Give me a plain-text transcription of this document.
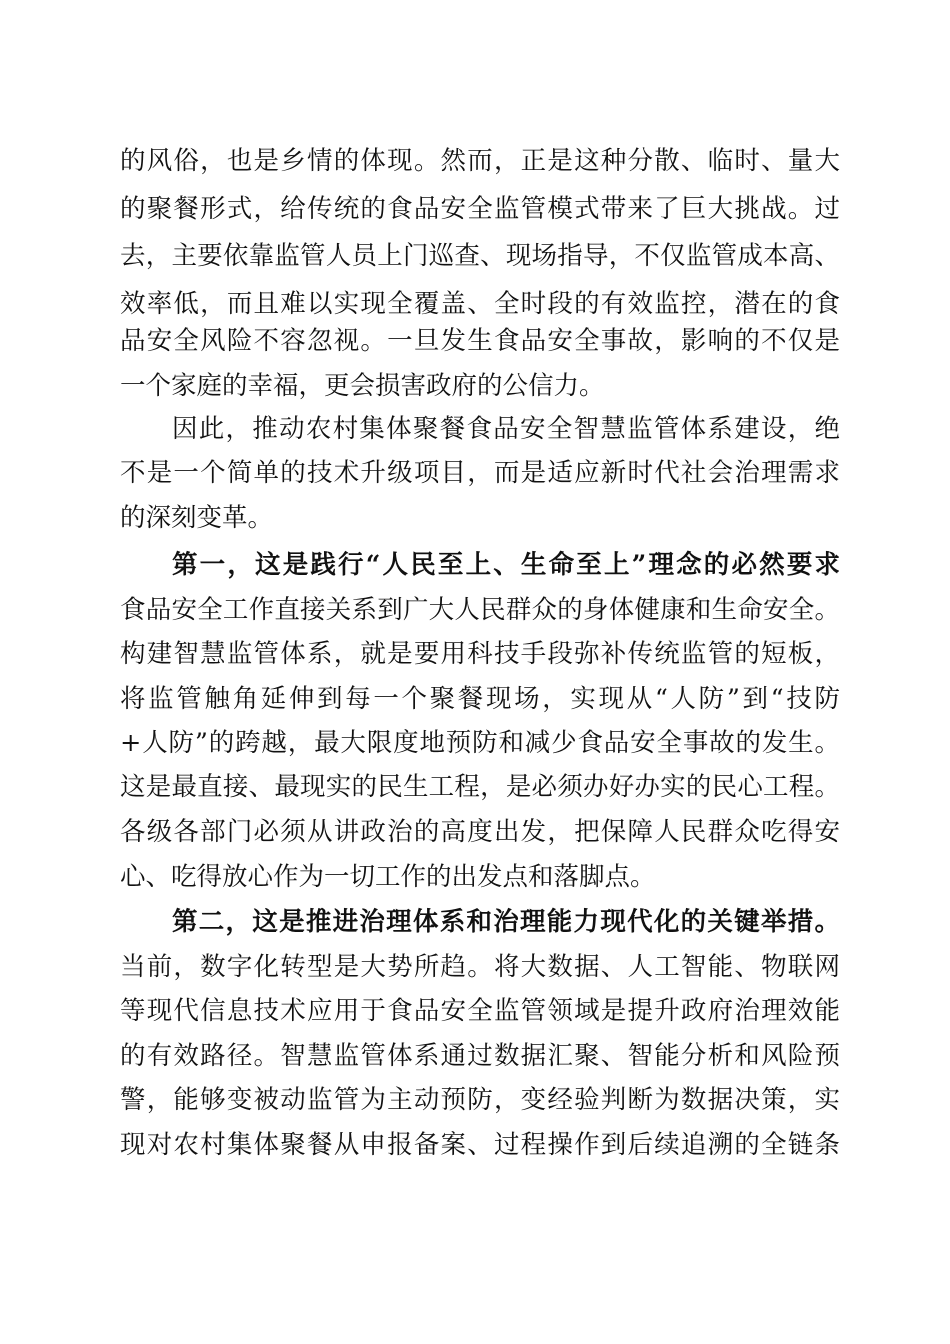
的风俗，也是乡情的体现。然而，正是这种分散、临时、量大
的聚餐形式，给传统的食品安全监管模式带来了巨大挑战。过
去，主要依靠监管人员上门巡查、现场指导，不仅监管成本高、
效率低，而且难以实现全覆盖、全时段的有效监控，潜在的食
品安全风险不容忽视。一旦发生食品安全事故，影响的不仅是
一个家庭的幸福，更会损害政府的公信力。
因此，推动农村集体聚餐食品安全智慧监管体系建设，绝
不是一个简单的技术升级项目，而是适应新时代社会治理需求
的深刻变革。
第一，这是践行“人民至上、生命至上”理念的必然要求
食品安全工作直接关系到广大人民群众的身体健康和生命安全。
构建智慧监管体系，就是要用科技手段弥补传统监管的短板，
将监管触角延伸到每一个聚餐现场，实现从“人防”到“技防
+人防”的跨越，最大限度地预防和减少食品安全事故的发生。
这是最直接、最现实的民生工程，是必须办好办实的民心工程。
各级各部门必须从讲政治的高度出发，把保障人民群众吃得安
心、吃得放心作为一切工作的出发点和落脚点。
第二，这是推进治理体系和治理能力现代化的关键举措。
当前，数字化转型是大势所趋。将大数据、人工智能、物联网
等现代信息技术应用于食品安全监管领域是提升政府治理效能
的有效路径。智慧监管体系通过数据汇聚、智能分析和风险预
警，能够变被动监管为主动预防，变经验判断为数据决策，实
现对农村集体聚餐从申报备案、过程操作到后续追溯的全链条
